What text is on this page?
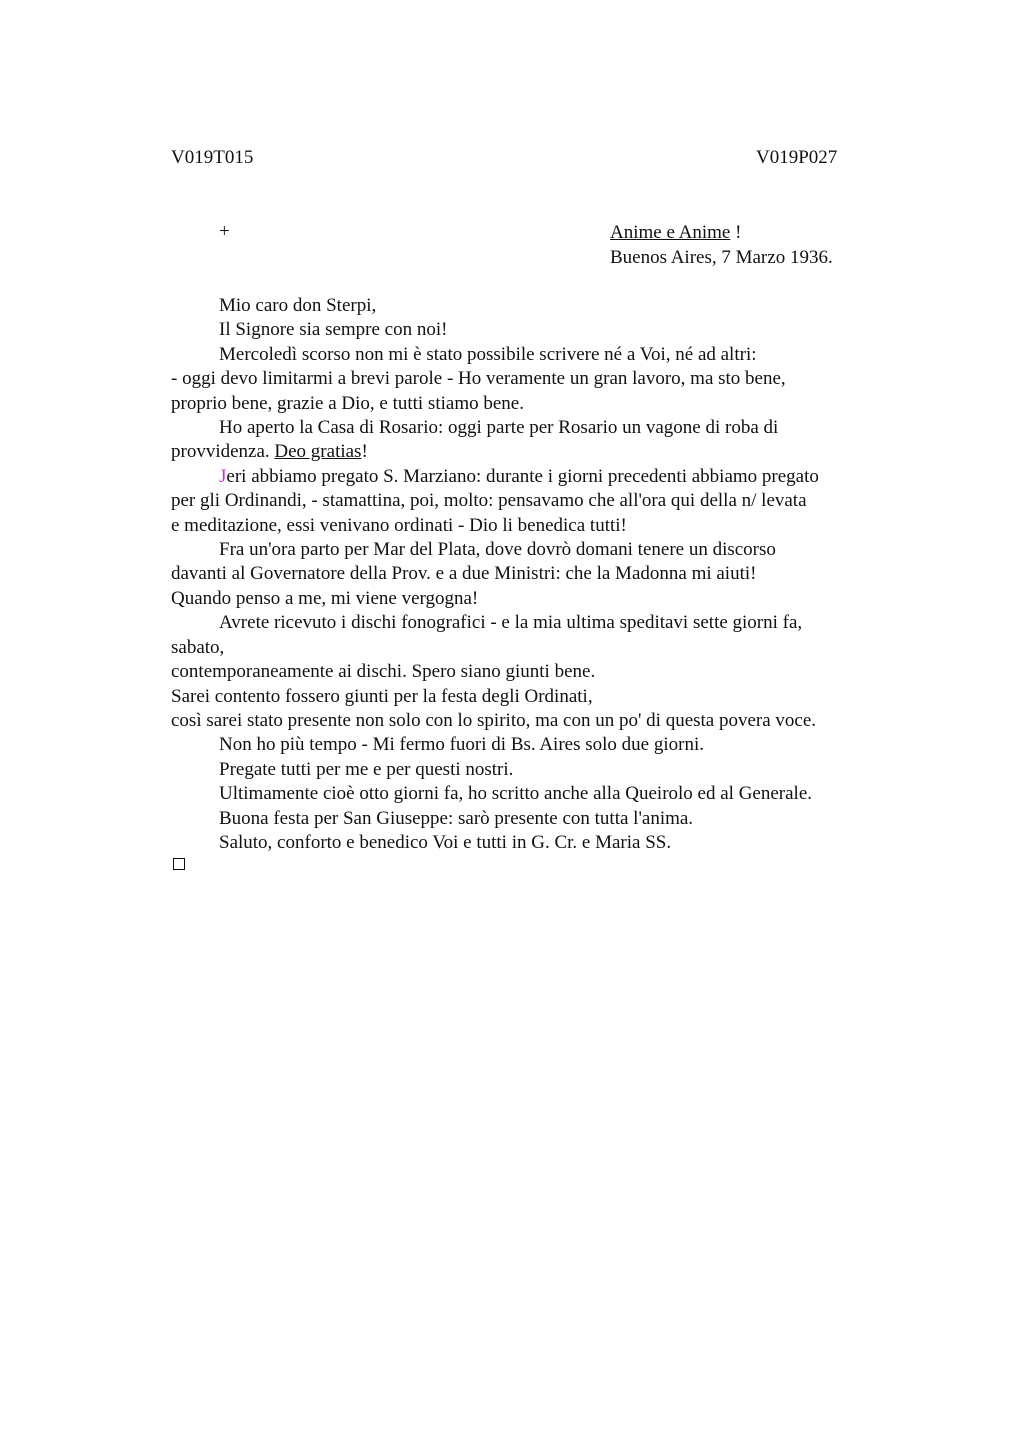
V019T015	V019P027
+	Anime e Anime !
Buenos Aires, 7 Marzo 1936.
Mio caro don Sterpi,
Il Signore sia sempre con noi!
Mercoledì scorso non mi è stato possibile scrivere né a Voi, né ad altri:
- oggi devo limitarmi a brevi parole - Ho veramente un gran lavoro, ma sto bene,
proprio bene, grazie a Dio, e tutti stiamo bene.
Ho aperto la Casa di Rosario: oggi parte per Rosario un vagone di roba di
provvidenza. Deo gratias!
Jeri abbiamo pregato S. Marziano: durante i giorni precedenti abbiamo pregato
per gli Ordinandi, - stamattina, poi, molto: pensavamo che all'ora qui della n/ levata
e meditazione, essi venivano ordinati - Dio li benedica tutti!
Fra un'ora parto per Mar del Plata, dove dovrò domani tenere un discorso
davanti al Governatore della Prov. e a due Ministri: che la Madonna mi aiuti!
Quando penso a me, mi viene vergogna!
Avrete ricevuto i dischi fonografici - e la mia ultima speditavi sette giorni fa,
sabato,
contemporaneamente ai dischi. Spero siano giunti bene.
Sarei contento fossero giunti per la festa degli Ordinati,
così sarei stato presente non solo con lo spirito, ma con un po' di questa povera voce.
Non ho più tempo - Mi fermo fuori di Bs. Aires solo due giorni.
Pregate tutti per me e per questi nostri.
Ultimamente cioè otto giorni fa, ho scritto anche alla Queirolo ed al Generale.
Buona festa per San Giuseppe: sarò presente con tutta l'anima.
Saluto, conforto e benedico Voi e tutti in G. Cr. e Maria SS.
